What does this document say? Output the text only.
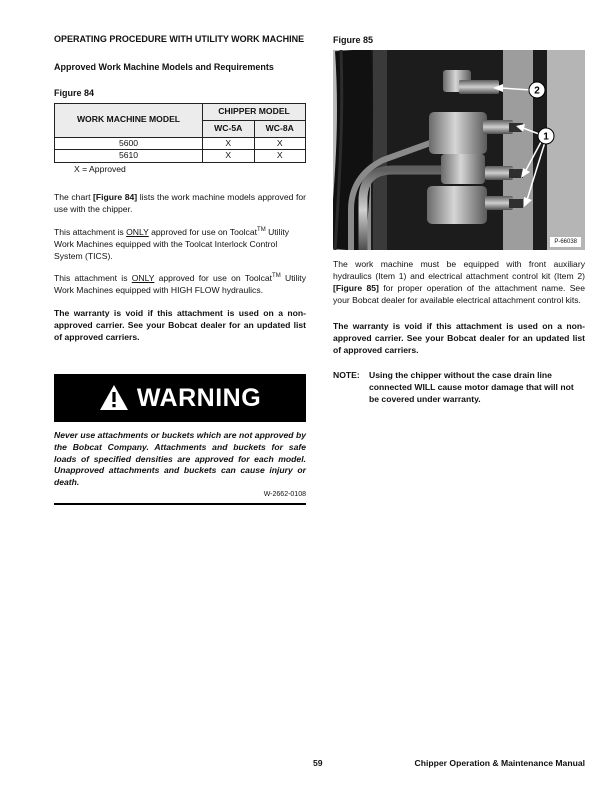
OPERATING PROCEDURE WITH UTILITY WORK MACHINE
Approved Work Machine Models and Requirements
Figure 84
WORK MACHINE MODEL	CHIPPER MODEL	
	WC-5A	WC-8A
5600	X	X
5610	X	X
X = Approved

The chart [Figure 84] lists the work machine models approved for use with the chipper.

This attachment is ONLY approved for use on Toolcat™ Utility Work Machines equipped with the Toolcat Interlock Control System (TICS).

This attachment is ONLY approved for use on Toolcat™ Utility Work Machines equipped with HIGH FLOW hydraulics.

The warranty is void if this attachment is used on a non-approved carrier. See your Bobcat dealer for an updated list of approved carriers.

WARNING
Never use attachments or buckets which are not approved by the Bobcat Company. Attachments and buckets for safe loads of specified densities are approved for each model. Unapproved attachments and buckets can cause injury or death.
W-2662-0108
Figure 85
2
1
P-66038

The work machine must be equipped with front auxiliary hydraulics (Item 1) and electrical attachment control kit (Item 2) [Figure 85] for proper operation of the attachment name. See your Bobcat dealer for available electrical attachment control kits.

The warranty is void if this attachment is used on a non-approved carrier. See your Bobcat dealer for an updated list of approved carriers.

NOTE:	Using the chipper without the case drain line connected WILL cause motor damage that will not be covered under warranty.
59	Chipper Operation & Maintenance Manual
